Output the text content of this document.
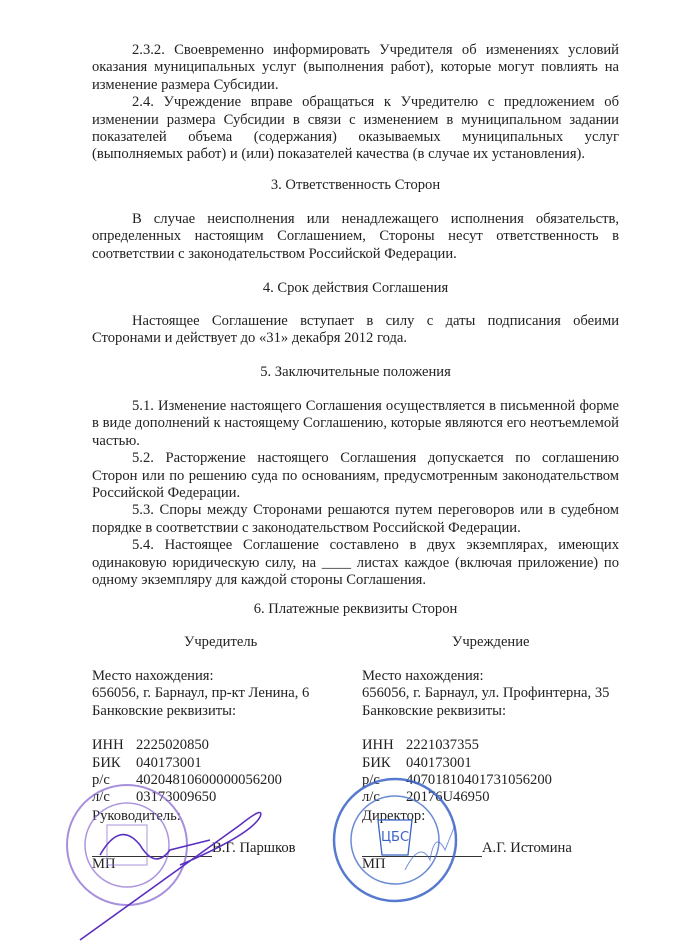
2.3.2. Своевременно информировать Учредителя об изменениях условий оказания муниципальных услуг (выполнения работ), которые могут повлиять на изменение размера Субсидии.

2.4. Учреждение вправе обращаться к Учредителю с предложением об изменении размера Субсидии в связи с изменением в муниципальном задании показателей объема (содержания) оказываемых муниципальных услуг (выполняемых работ) и (или) показателей качества (в случае их установления).

3. Ответственность Сторон

В случае неисполнения или ненадлежащего исполнения обязательств, определенных настоящим Соглашением, Стороны несут ответственность в соответствии с законодательством Российской Федерации.

4. Срок действия Соглашения

Настоящее Соглашение вступает в силу с даты подписания обеими Сторонами и действует до «31» декабря 2012 года.

5. Заключительные положения

5.1. Изменение настоящего Соглашения осуществляется в письменной форме в виде дополнений к настоящему Соглашению, которые являются его неотъемлемой частью.

5.2. Расторжение настоящего Соглашения допускается по соглашению Сторон или по решению суда по основаниям, предусмотренным законодательством Российской Федерации.

5.3. Споры между Сторонами решаются путем переговоров или в судебном порядке в соответствии с законодательством Российской Федерации.

5.4. Настоящее Соглашение составлено в двух экземплярах, имеющих одинаковую юридическую силу, на ____ листах каждое (включая приложение) по одному экземпляру для каждой стороны Соглашения.

6. Платежные реквизиты Сторон
Учредитель
Место нахождения:
656056, г. Барнаул, пр-кт Ленина, 6
Банковские реквизиты:
ИНН 2225020850
БИК	040173001
р/с	40204810600000056200
л/с	03173009650
Руководитель:
В.Г. Паршков
МП
Учреждение
Место нахождения:
656056, г. Барнаул, ул. Профинтерна, 35
Банковские реквизиты:
ИНН 2221037355
БИК	040173001
р/с	40701810401731056200
л/с	20176U46950
Директор:
А.Г. Истомина
МП
ЦБС
